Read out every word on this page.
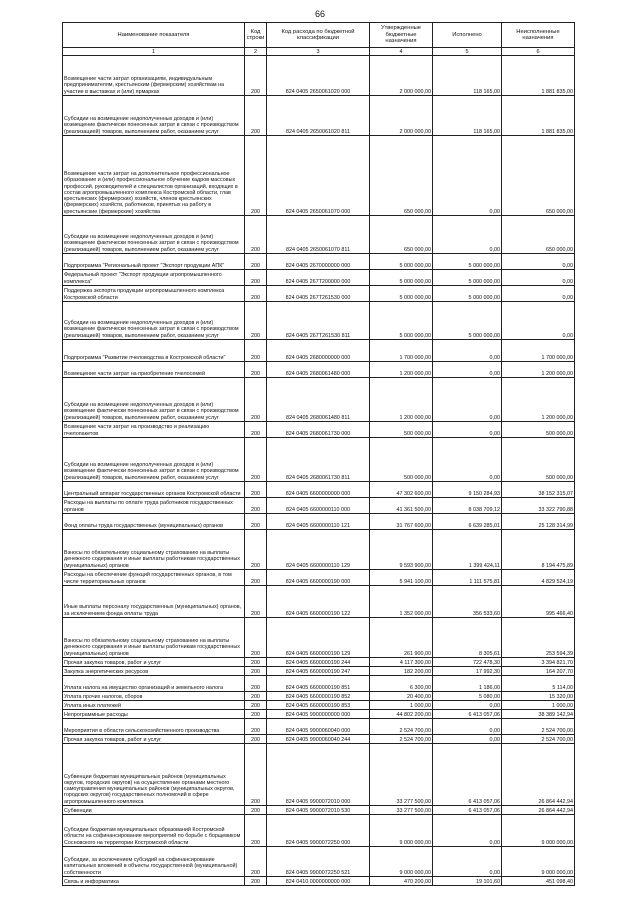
66
Наименование показателя	Код строки	Код расхода по бюджетной классификации	Утвержденные бюджетные назначения	Исполнено	Неисполненные назначения
1	2	3	4	5	6
Возмещение части затрат организациям, индивидуальным предпринимателям, крестьянским (фермерским) хозяйствам на участие в выставках и (или) ярмарках	200	824 0405 2650061020 000	2 000 000,00	118 165,00	1 881 835,00
Субсидии на возмещение недополученных доходов и (или) возмещение фактически понесенных затрат в связи с производством (реализацией) товаров, выполнением работ, оказанием услуг	200	824 0405 2650061020 811	2 000 000,00	118 165,00	1 881 835,00
Возмещение части затрат на дополнительное профессиональное образование и (или) профессиональное обучение кадров массовых профессий, руководителей и специалистов организаций, входящих в состав агропромышленного комплекса Костромской области, глав крестьянских (фермерских) хозяйств, членов крестьянских (фермерских) хозяйств, работников, принятых на работу в крестьянские (фермерские) хозяйства	200	824 0405 2650061070 000	650 000,00	0,00	650 000,00
Субсидии на возмещение недополученных доходов и (или) возмещение фактически понесенных затрат в связи с производством (реализацией) товаров, выполнением работ, оказанием услуг	200	824 0405 2650061070 811	650 000,00	0,00	650 000,00
Подпрограмма "Региональный проект "Экспорт продукции АПК"	200	824 0405 2670000000 000	5 000 000,00	5 000 000,00	0,00
Федеральный проект "Экспорт продукции агропромышленного комплекса"	200	824 0405 267T200000 000	5 000 000,00	5 000 000,00	0,00
Поддержка экспорта продукции агропромышленного комплекса Костромской области	200	824 0405 267T261530 000	5 000 000,00	5 000 000,00	0,00
Субсидии на возмещение недополученных доходов и (или) возмещение фактически понесенных затрат в связи с производством (реализацией) товаров, выполнением работ, оказанием услуг	200	824 0405 267T261530 811	5 000 000,00	5 000 000,00	0,00
Подпрограмма "Развитие пчеловодства в Костромской области"	200	824 0405 2680000000 000	1 700 000,00	0,00	1 700 000,00
Возмещение части затрат на приобретение пчелосемей	200	824 0405 2680061480 000	1 200 000,00	0,00	1 200 000,00
Субсидии на возмещение недополученных доходов и (или) возмещение фактически понесенных затрат в связи с производством (реализацией) товаров, выполнением работ, оказанием услуг	200	824 0405 2680061480 811	1 200 000,00	0,00	1 200 000,00
Возмещение части затрат на производство и реализацию пчелопакетов	200	824 0405 2680061730 000	500 000,00	0,00	500 000,00
Субсидии на возмещение недополученных доходов и (или) возмещение фактически понесенных затрат в связи с производством (реализацией) товаров, выполнением работ, оказанием услуг	200	824 0405 2680061730 811	500 000,00	0,00	500 000,00
Центральный аппарат государственных органов Костромской области	200	824 0405 6600000000 000	47 302 600,00	9 150 284,93	38 152 315,07
Расходы на выплаты по оплате труда работников государственных органов	200	824 0405 6600000110 000	41 361 500,00	8 038 709,12	33 322 790,88
Фонд оплаты труда государственных (муниципальных) органов	200	824 0405 6600000110 121	31 767 600,00	6 639 285,01	25 128 314,99
Взносы по обязательному социальному страхованию на выплаты денежного содержания и иные выплаты работникам государственных (муниципальных) органов	200	824 0405 6600000110 129	9 593 900,00	1 399 424,11	8 194 475,89
Расходы на обеспечение функций государственных органов, в том числе территориальных органов	200	824 0405 6600000190 000	5 941 100,00	1 111 575,81	4 829 524,19
Иные выплаты персоналу государственных (муниципальных) органов, за исключением фонда оплаты труда	200	824 0405 6600000190 122	1 352 000,00	356 533,60	995 466,40
Взносы по обязательному социальному страхованию на выплаты денежного содержания и иные выплаты работникам государственных (муниципальных) органов	200	824 0405 6600000190 129	261 900,00	8 305,61	253 594,39
Прочая закупка товаров, работ и услуг	200	824 0405 6600000190 244	4 117 300,00	722 478,30	3 394 821,70
Закупка энергетических ресурсов	200	824 0405 6600000190 247	182 200,00	17 992,30	164 207,70
Уплата налога на имущество организаций и земельного налога	200	824 0405 6600000190 851	6 300,00	1 186,00	5 114,00
Уплата прочих налогов, сборов	200	824 0405 6600000190 852	20 400,00	5 080,00	15 320,00
Уплата иных платежей	200	824 0405 6600000190 853	1 000,00	0,00	1 000,00
Непрограммные расходы	200	824 0405 9900000000 000	44 802 200,00	6 413 057,06	38 389 142,94
Мероприятия в области сельскохозяйственного производства	200	824 0405 9900060040 000	2 524 700,00	0,00	2 524 700,00
Прочая закупка товаров, работ и услуг	200	824 0405 9900060040 244	2 524 700,00	0,00	2 524 700,00
Субвенции бюджетам муниципальных районов (муниципальных округов, городских округов) на осуществление органами местного самоуправления муниципальных районов (муниципальных округов, городских округов) государственных полномочий в сфере агропромышленного комплекса	200	824 0405 9900072010 000	33 277 500,00	6 413 057,06	26 864 442,94
Субвенции	200	824 0405 9900072010 530	33 277 500,00	6 413 057,06	26 864 442,94
Субсидии бюджетам муниципальных образований Костромской области на софинансирование мероприятий по борьбе с борщевиком Сосновского на территории Костромской области	200	824 0405 9900072250 000	9 000 000,00	0,00	9 000 000,00
Субсидии, за исключением субсидий на софинансирование капитальных вложений в объекты государственной (муниципальной) собственности	200	824 0405 9900072250 521	9 000 000,00	0,00	9 000 000,00
Связь и информатика	200	824 0410 0000000000 000	470 200,00	19 101,60	451 098,40
